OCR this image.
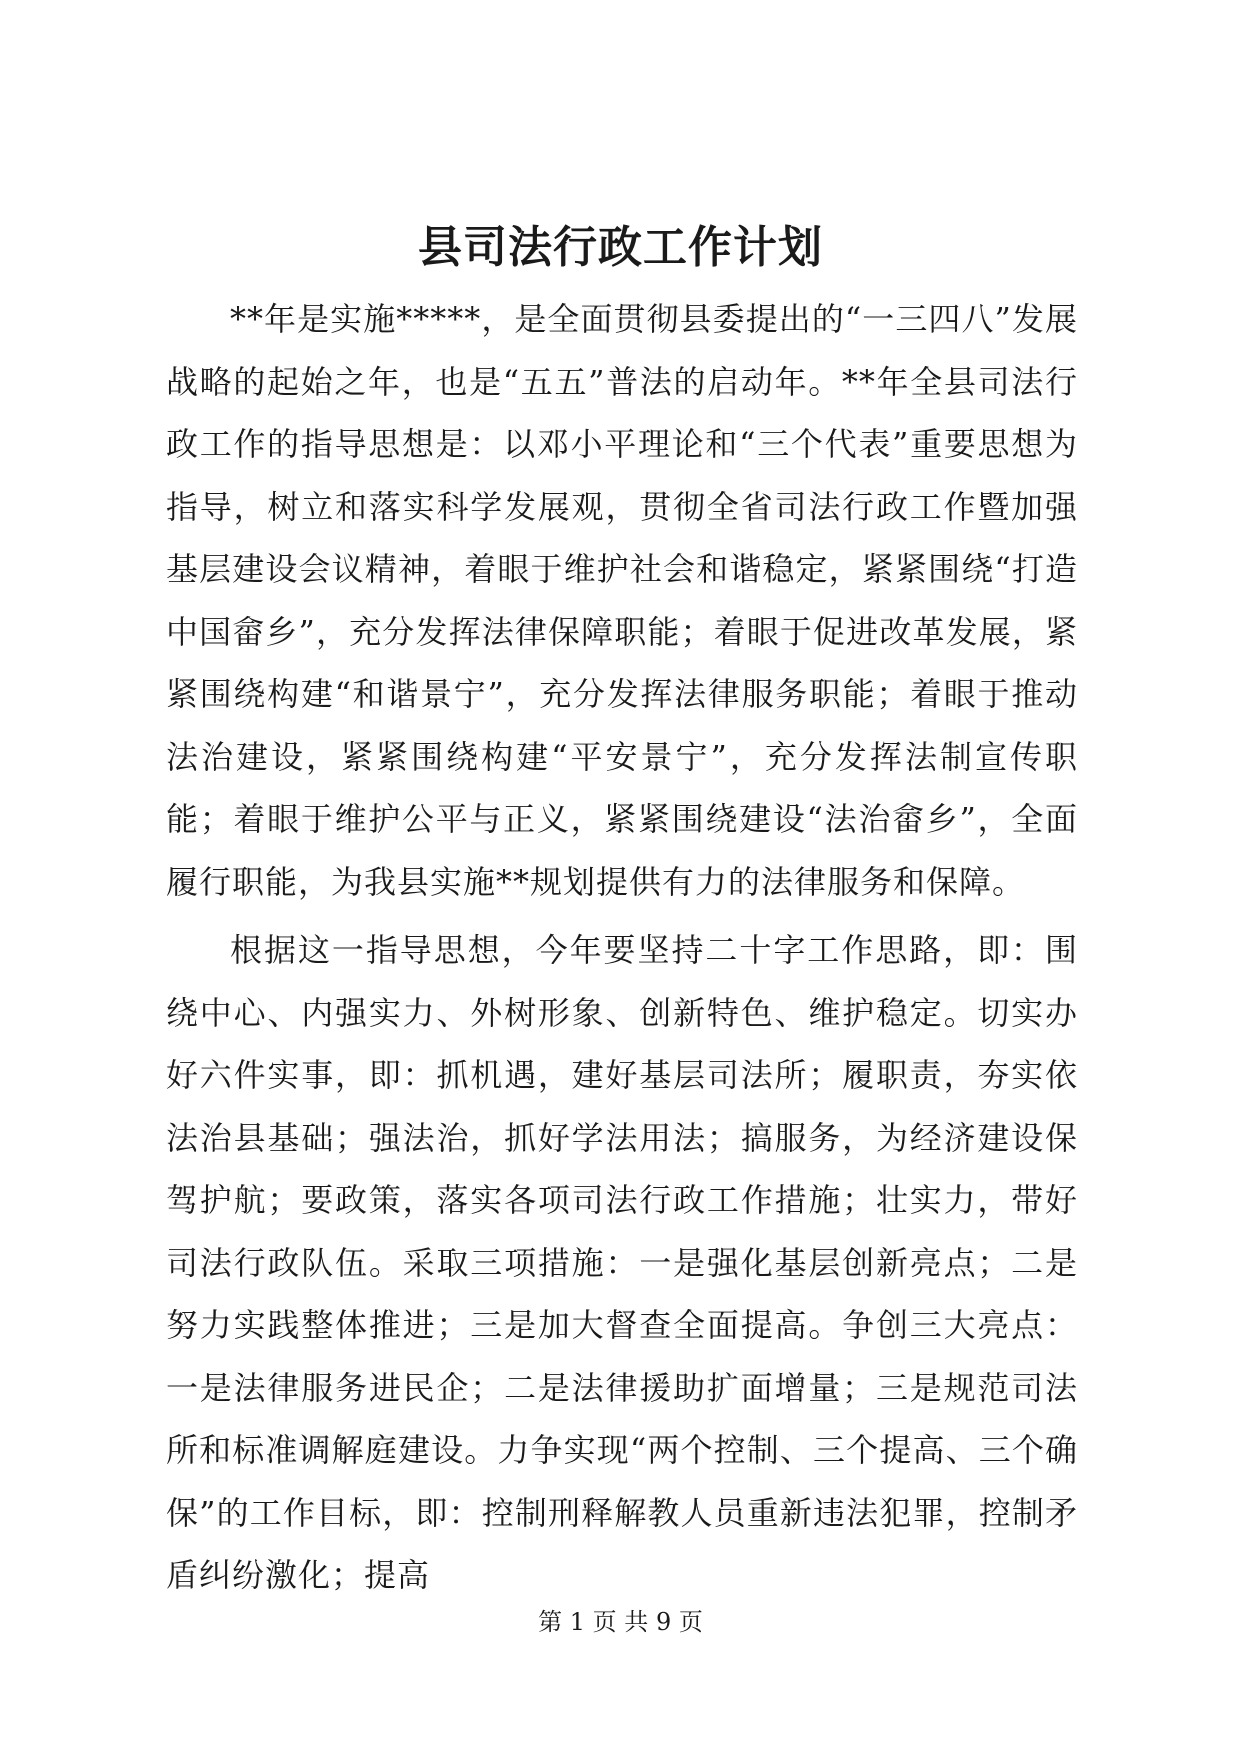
县司法行政工作计划

**年是实施*****，是全面贯彻县委提出的“一三四八”发展战略的起始之年，也是“五五”普法的启动年。**年全县司法行政工作的指导思想是：以邓小平理论和“三个代表”重要思想为指导，树立和落实科学发展观，贯彻全省司法行政工作暨加强基层建设会议精神，着眼于维护社会和谐稳定，紧紧围绕“打造中国畲乡”，充分发挥法律保障职能；着眼于促进改革发展，紧紧围绕构建“和谐景宁”，充分发挥法律服务职能；着眼于推动法治建设，紧紧围绕构建“平安景宁”，充分发挥法制宣传职能；着眼于维护公平与正义，紧紧围绕建设“法治畲乡”，全面履行职能，为我县实施**规划提供有力的法律服务和保障。

根据这一指导思想，今年要坚持二十字工作思路，即：围绕中心、内强实力、外树形象、创新特色、维护稳定。切实办好六件实事，即：抓机遇，建好基层司法所；履职责，夯实依法治县基础；强法治，抓好学法用法；搞服务，为经济建设保驾护航；要政策，落实各项司法行政工作措施；壮实力，带好司法行政队伍。采取三项措施：一是强化基层创新亮点；二是努力实践整体推进；三是加大督查全面提高。争创三大亮点：一是法律服务进民企；二是法律援助扩面增量；三是规范司法所和标准调解庭建设。力争实现“两个控制、三个提高、三个确保”的工作目标，即：控制刑释解教人员重新违法犯罪，控制矛盾纠纷激化；提高

第 1 页 共 9 页
